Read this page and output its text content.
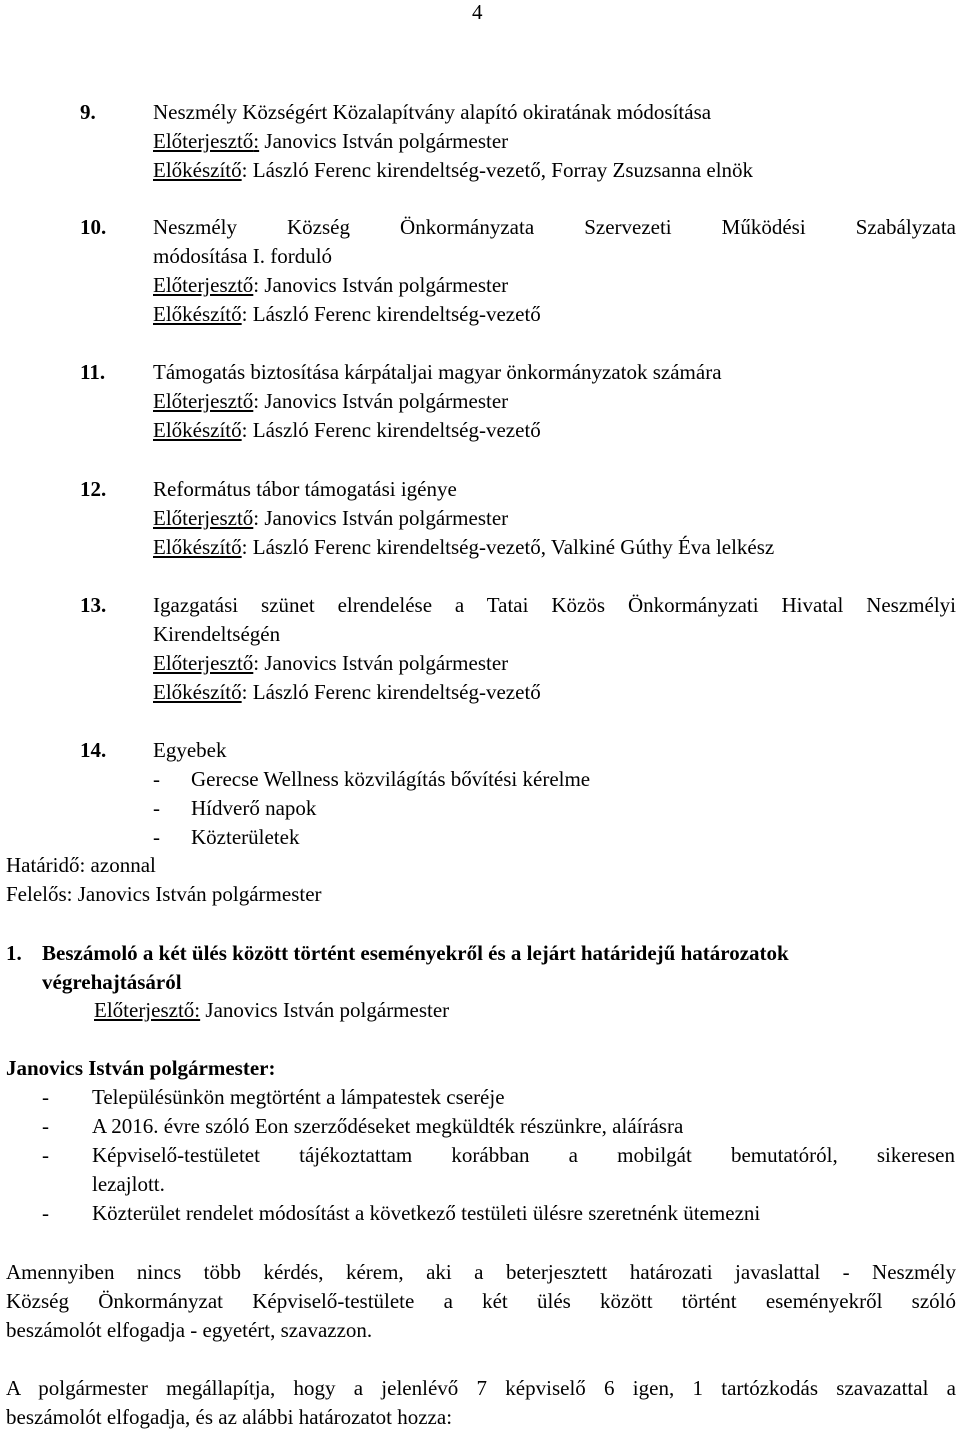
4
9.	Neszmély Községért Közalapítvány alapító okiratának módosítása
Előterjesztő: Janovics István polgármester
Előkészítő: László Ferenc kirendeltség-vezető, Forray Zsuzsanna elnök
10. Neszmély Község Önkormányzata Szervezeti Működési Szabályzata
módosítása I. forduló
Előterjesztő: Janovics István polgármester
Előkészítő: László Ferenc kirendeltség-vezető
11. Támogatás biztosítása kárpátaljai magyar önkormányzatok számára
Előterjesztő: Janovics István polgármester
Előkészítő: László Ferenc kirendeltség-vezető
12. Református tábor támogatási igénye
Előterjesztő: Janovics István polgármester
Előkészítő: László Ferenc kirendeltség-vezető, Valkiné Gúthy Éva lelkész
13. Igazgatási szünet elrendelése a Tatai Közös Önkormányzati Hivatal Neszmélyi
Kirendeltségén
Előterjesztő: Janovics István polgármester
Előkészítő: László Ferenc kirendeltség-vezető
14. Egyebek
- Gerecse Wellness közvilágítás bővítési kérelme
- Hídverő napok
- Közterületek
Határidő: azonnal
Felelős: Janovics István polgármester
1. Beszámoló a két ülés között történt eseményekről és a lejárt határidejű határozatok
végrehajtásáról
Előterjesztő: Janovics István polgármester
Janovics István polgármester:
- Településünkön megtörtént a lámpatestek cseréje
- A 2016. évre szóló Eon szerződéseket megküldték részünkre, aláírásra
- Képviselő-testületet tájékoztattam korábban a mobilgát bemutatóról, sikeresen
lezajlott.
- Közterület rendelet módosítást a következő testületi ülésre szeretnénk ütemezni
Amennyiben nincs több kérdés, kérem, aki a beterjesztett határozati javaslattal - Neszmély
Község Önkormányzat Képviselő-testülete a két ülés között történt eseményekről szóló
beszámolót elfogadja - egyetért, szavazzon.
A polgármester megállapítja, hogy a jelenlévő 7 képviselő 6 igen, 1 tartózkodás szavazattal a
beszámolót elfogadja, és az alábbi határozatot hozza:
